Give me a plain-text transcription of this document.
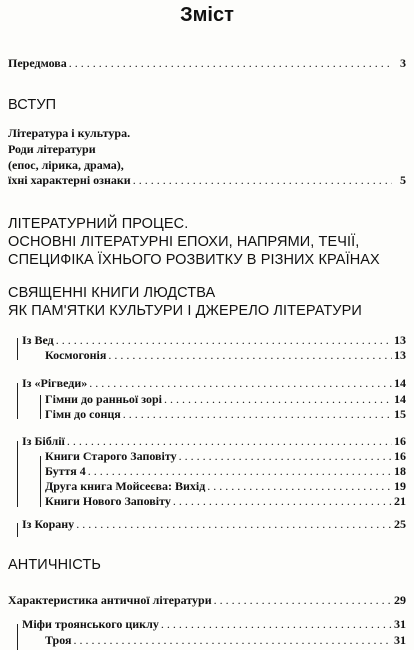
Зміст
Передмова . . .	3
ВСТУП
Література і культура.
Роди літератури
(епос, лірика, драма),
їхні характерні ознаки . . .	5
ЛІТЕРАТУРНИЙ ПРОЦЕС.
ОСНОВНІ ЛІТЕРАТУРНІ ЕПОХИ, НАПРЯМИ, ТЕЧІЇ,
СПЕЦИФІКА ЇХНЬОГО РОЗВИТКУ В РІЗНИХ КРАЇНАХ
СВЯЩЕННІ КНИГИ ЛЮДСТВА
ЯК ПАМ'ЯТКИ КУЛЬТУРИ І ДЖЕРЕЛО ЛІТЕРАТУРИ
Із Вед . . .	13
Космогонія . . .	13
Із «Рігведи» . . .	14
Гімни до ранньої зорі . . .	14
Гімн до сонця . . .	15
Із Біблії . . .	16
Книги Старого Заповіту . . .	16
Буття 4 . . .	18
Друга книга Мойсеєва: Вихід . . .	19
Книги Нового Заповіту . . .	21
Із Корану . . .	25
АНТИЧНІСТЬ
Характеристика античної літератури . . .	29
Міфи троянського циклу . . .	31
Троя . . .	31
